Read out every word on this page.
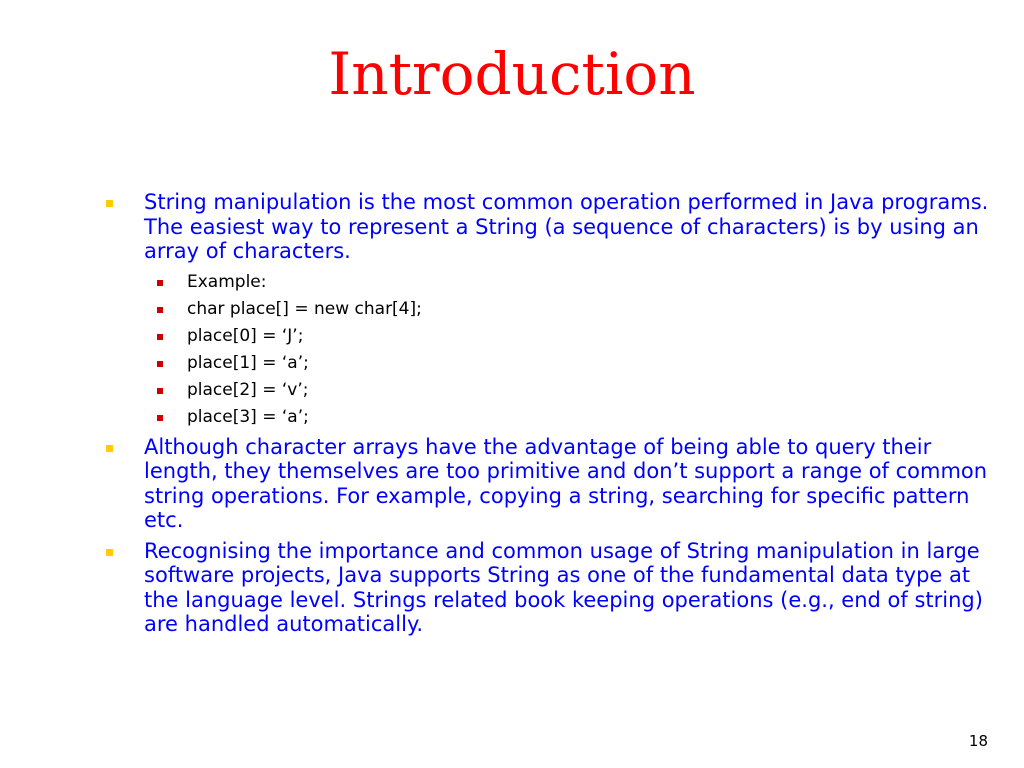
Introduction
String manipulation is the most common operation performed in Java programs. The easiest way to represent a String (a sequence of characters) is by using an array of characters.
Example:
char place[] = new char[4];
place[0] = ‘J’;
place[1] = ‘a’;
place[2] = ‘v’;
place[3] = ‘a’;
Although character arrays have the advantage of being able to query their length, they themselves are too primitive and don’t support a range of common string operations. For example, copying a string, searching for specific pattern etc.
Recognising the importance and common usage of String manipulation in large software projects, Java supports String as one of the fundamental data type at the language level. Strings related book keeping operations (e.g., end of string) are handled automatically.
18
